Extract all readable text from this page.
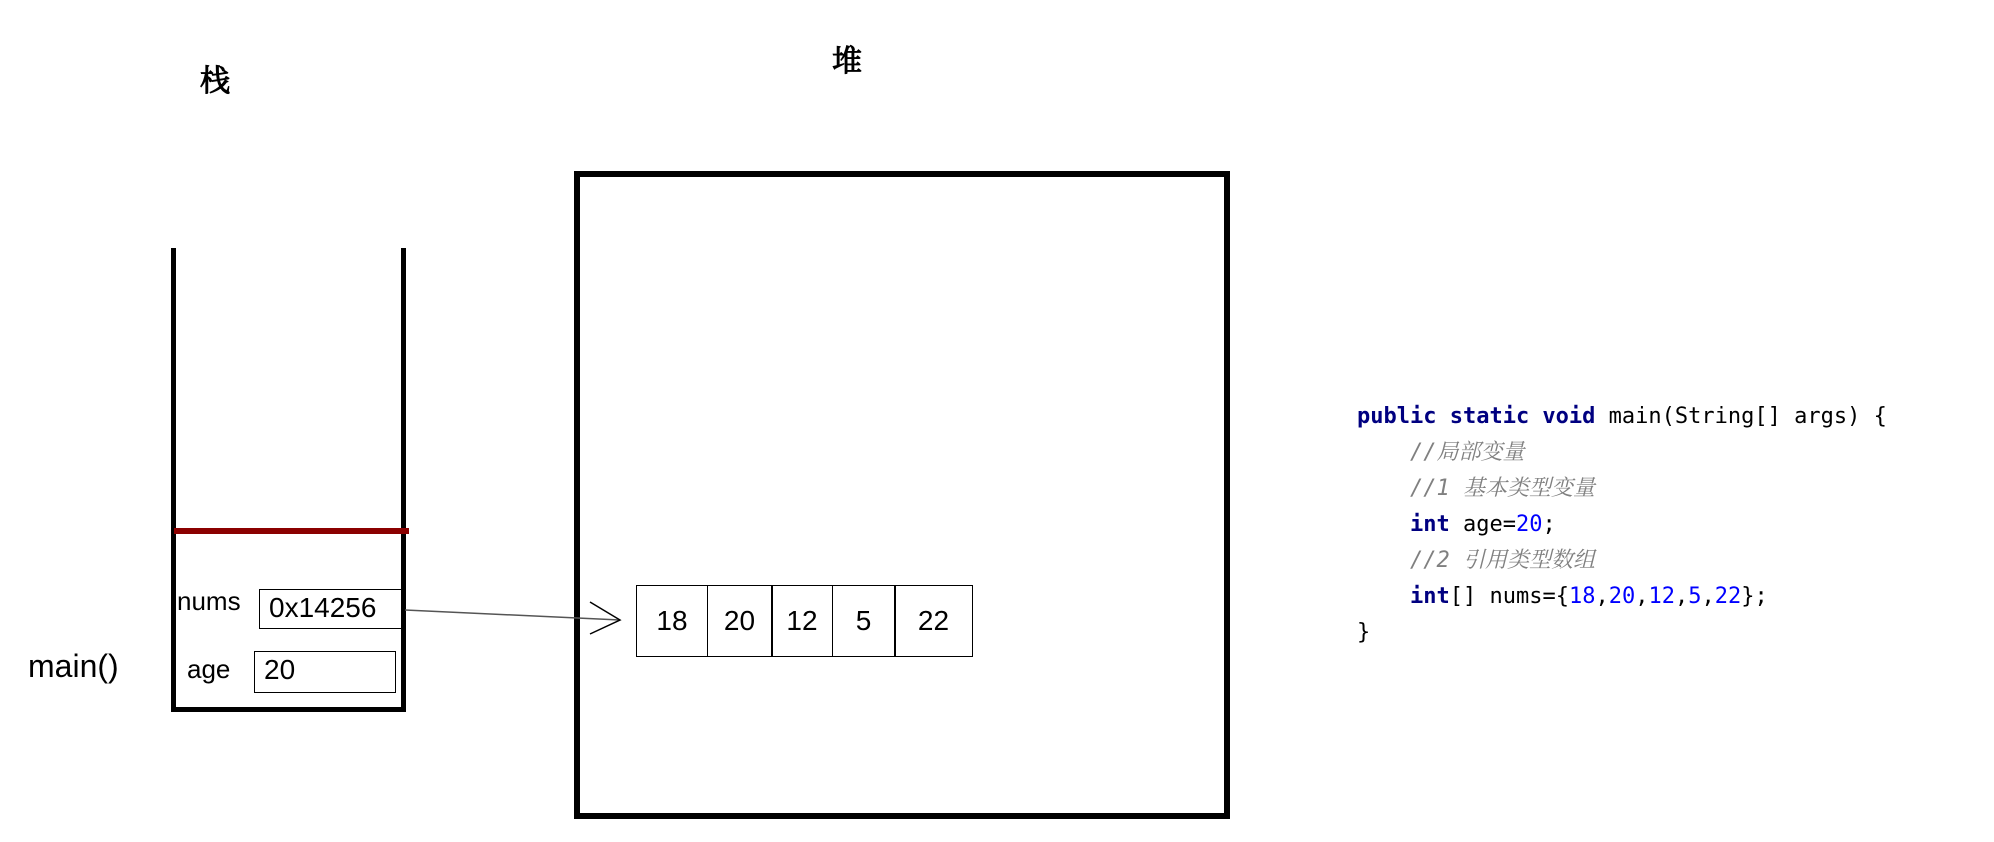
栈
堆
nums	0x14256
age	20
main()
18	20	12	5	22
public static void main(String[] args) {
//局部变量
//1 基本类型变量
int age=20;
//2 引用类型数组
int[] nums={18,20,12,5,22};
}
